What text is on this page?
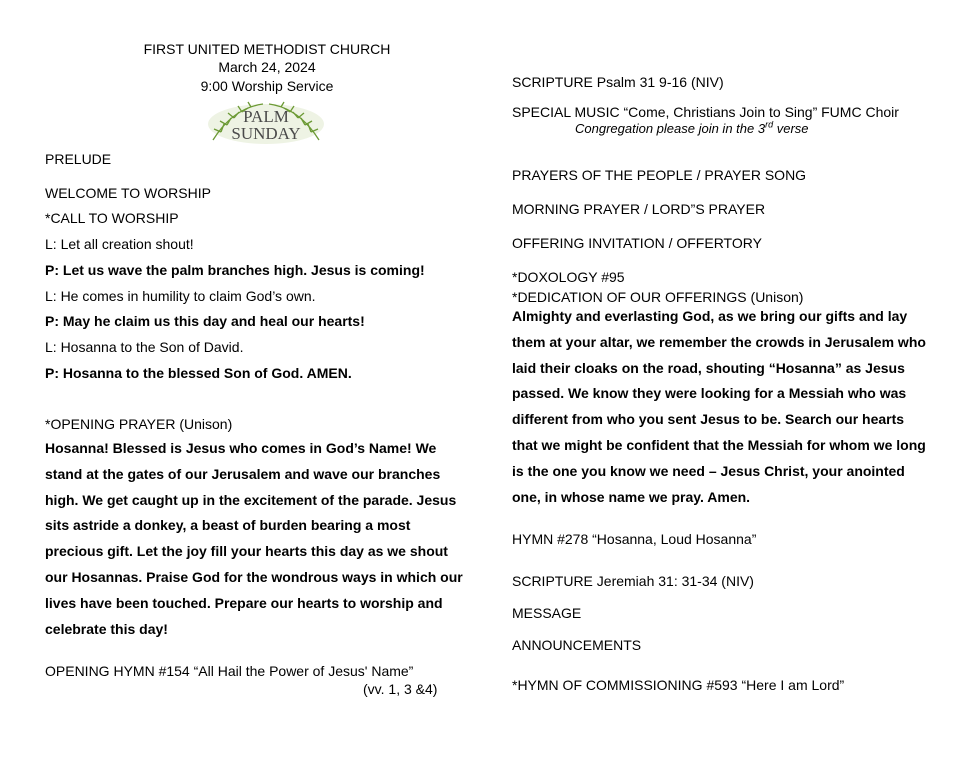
FIRST UNITED METHODIST CHURCH
March 24, 2024
9:00 Worship Service
PALM
SUNDAY
PRELUDE
WELCOME TO WORSHIP
*CALL TO WORSHIP
L: Let all creation shout!
P: Let us wave the palm branches high. Jesus is coming!
L: He comes in humility to claim God’s own.
P: May he claim us this day and heal our hearts!
L: Hosanna to the Son of David.
P: Hosanna to the blessed Son of God. AMEN.
*OPENING PRAYER (Unison)
Hosanna! Blessed is Jesus who comes in God’s Name! We
stand at the gates of our Jerusalem and wave our branches
high. We get caught up in the excitement of the parade. Jesus
sits astride a donkey, a beast of burden bearing a most
precious gift. Let the joy fill your hearts this day as we shout
our Hosannas. Praise God for the wondrous ways in which our
lives have been touched. Prepare our hearts to worship and
celebrate this day!
OPENING HYMN #154 “All Hail the Power of Jesus' Name”
(vv. 1, 3 &4)
SCRIPTURE Psalm 31 9-16 (NIV)
SPECIAL MUSIC “Come, Christians Join to Sing” FUMC Choir
Congregation please join in the 3rd verse
PRAYERS OF THE PEOPLE / PRAYER SONG
MORNING PRAYER / LORD”S PRAYER
OFFERING INVITATION / OFFERTORY
*DOXOLOGY #95
*DEDICATION OF OUR OFFERINGS (Unison)
Almighty and everlasting God, as we bring our gifts and lay
them at your altar, we remember the crowds in Jerusalem who
laid their cloaks on the road, shouting “Hosanna” as Jesus
passed. We know they were looking for a Messiah who was
different from who you sent Jesus to be. Search our hearts
that we might be confident that the Messiah for whom we long
is the one you know we need – Jesus Christ, your anointed
one, in whose name we pray. Amen.
HYMN #278 “Hosanna, Loud Hosanna”
SCRIPTURE Jeremiah 31: 31-34 (NIV)
MESSAGE
ANNOUNCEMENTS
*HYMN OF COMMISSIONING #593 “Here I am Lord”
